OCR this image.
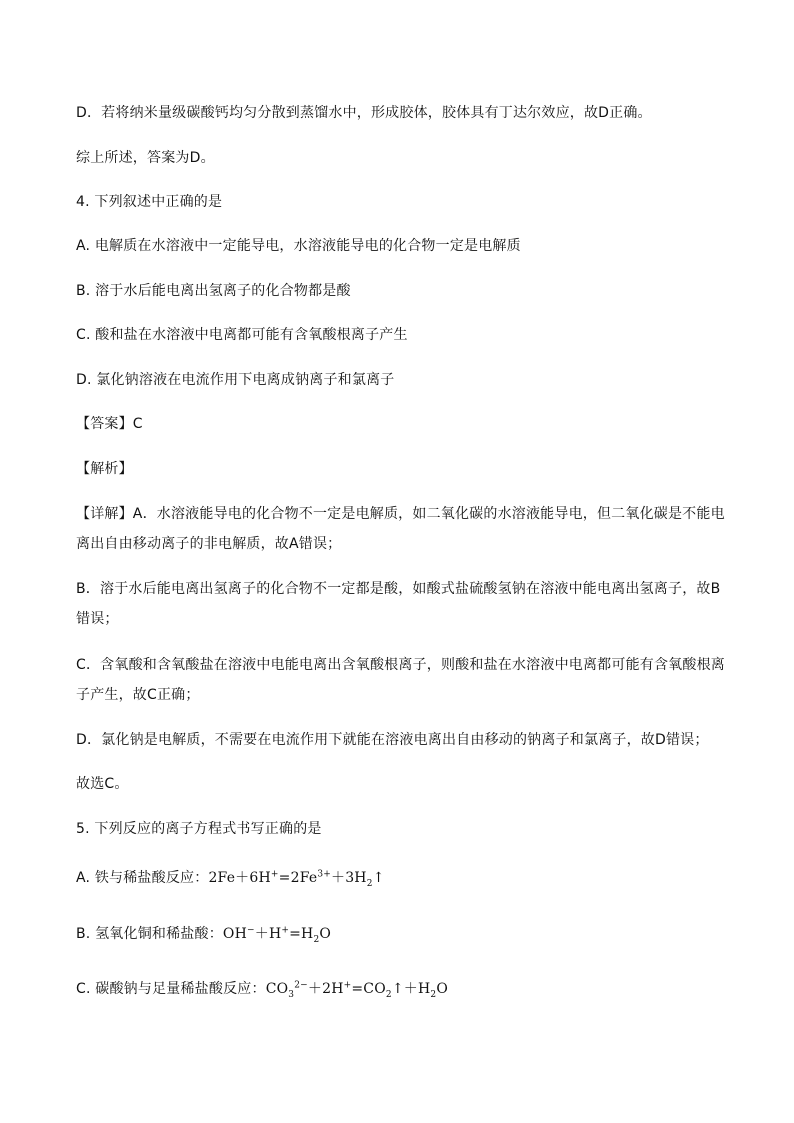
D．若将纳米量级碳酸钙均匀分散到蒸馏水中，形成胶体，胶体具有丁达尔效应，故D正确。
综上所述，答案为D。
4. 下列叙述中正确的是
A. 电解质在水溶液中一定能导电，水溶液能导电的化合物一定是电解质
B. 溶于水后能电离出氢离子的化合物都是酸
C. 酸和盐在水溶液中电离都可能有含氧酸根离子产生
D. 氯化钠溶液在电流作用下电离成钠离子和氯离子
【答案】C
【解析】
【详解】A．水溶液能导电的化合物不一定是电解质，如二氧化碳的水溶液能导电，但二氧化碳是不能电
离出自由移动离子的非电解质，故A错误；
B．溶于水后能电离出氢离子的化合物不一定都是酸，如酸式盐硫酸氢钠在溶液中能电离出氢离子，故B
错误；
C．含氧酸和含氧酸盐在溶液中电能电离出含氧酸根离子，则酸和盐在水溶液中电离都可能有含氧酸根离
子产生，故C正确；
D．氯化钠是电解质，不需要在电流作用下就能在溶液电离出自由移动的钠离子和氯离子，故D错误；
故选C。
5. 下列反应的离子方程式书写正确的是
A. 铁与稀盐酸反应：$2Fe+6H^+=2Fe^{3+}+3H_2↑$
B. 氢氧化铜和稀盐酸：$OH^-+H^+=H_2O$
C. 碳酸钠与足量稀盐酸反应：$CO_3^{2-}+2H^+=CO_2↑+H_2O$
